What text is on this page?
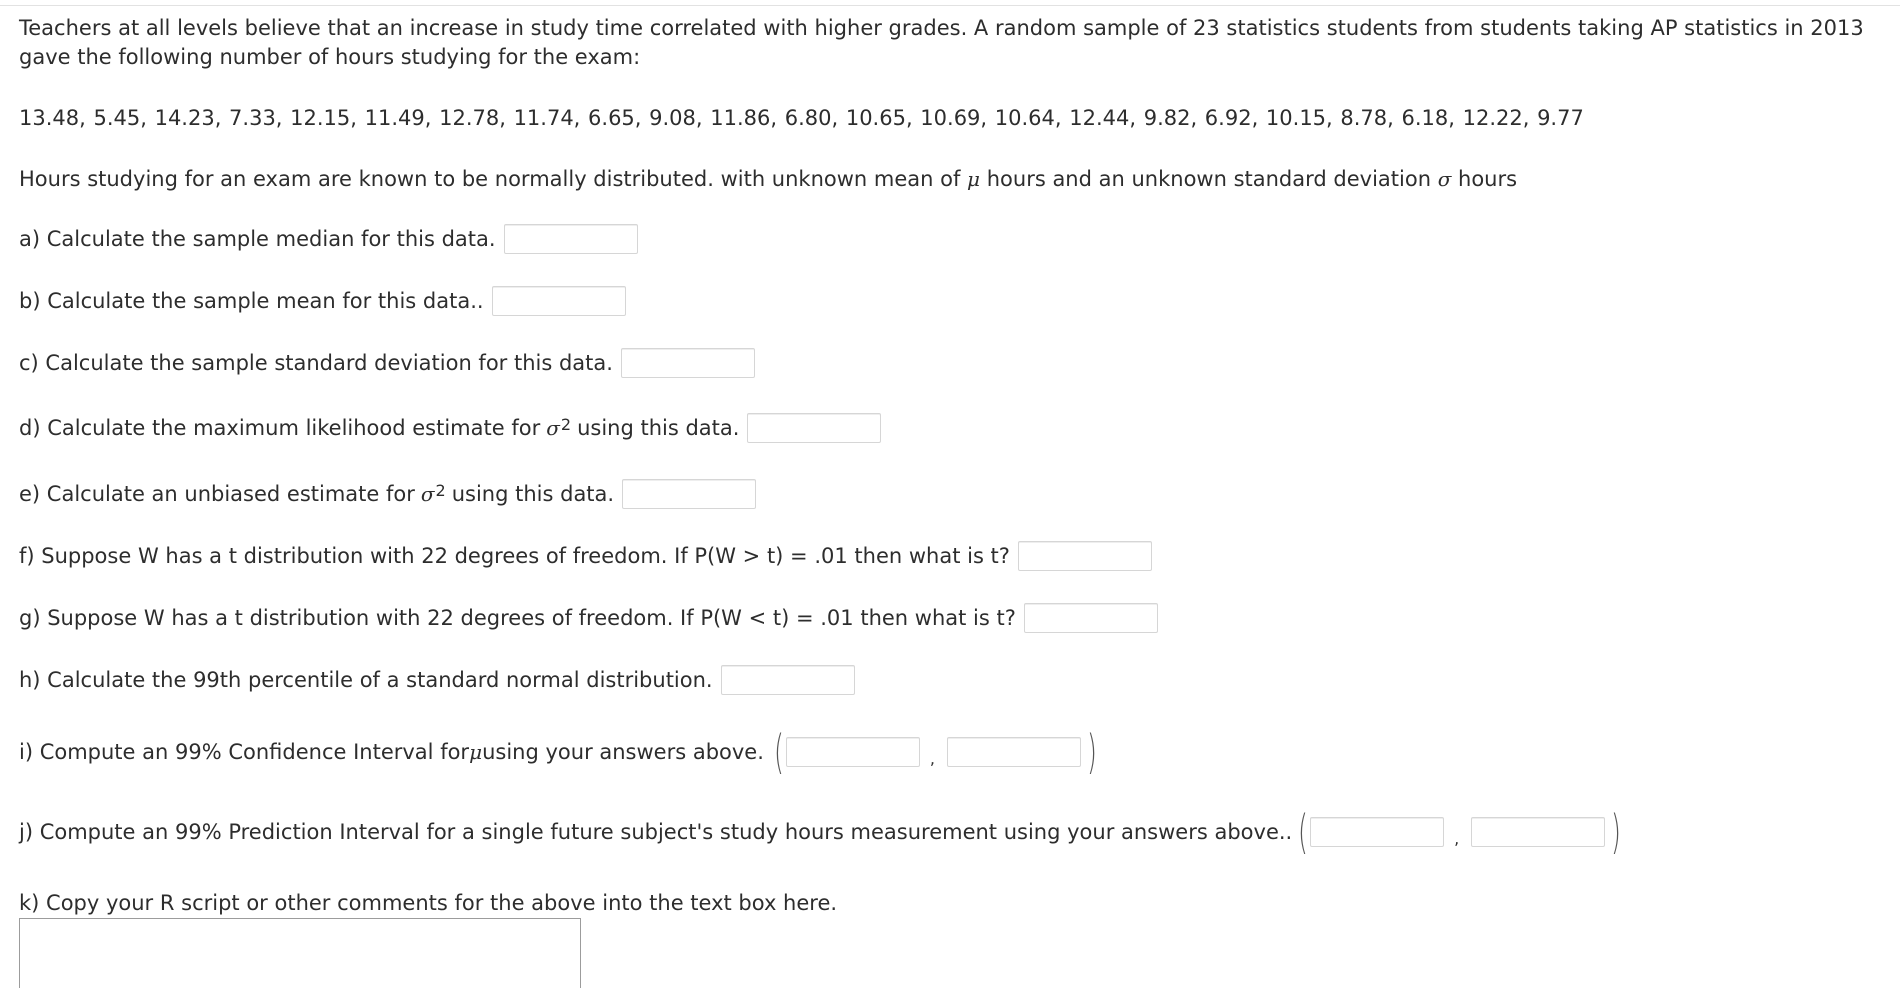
Teachers at all levels believe that an increase in study time correlated with higher grades. A random sample of 23 statistics students from students taking AP statistics in 2013 gave the following number of hours studying for the exam:

13.48, 5.45, 14.23, 7.33, 12.15, 11.49, 12.78, 11.74, 6.65, 9.08, 11.86, 6.80, 10.65, 10.69, 10.64, 12.44, 9.82, 6.92, 10.15, 8.78, 6.18, 12.22, 9.77
Hours studying for an exam are known to be normally distributed. with unknown mean of μ hours and an unknown standard deviation σ hours
a) Calculate the sample median for this data.
b) Calculate the sample mean for this data..
c) Calculate the sample standard deviation for this data.
d) Calculate the maximum likelihood estimate for $\sigma^2$ using this data.
e) Calculate an unbiased estimate for $\sigma^2$ using this data.
f) Suppose W has a t distribution with 22 degrees of freedom. If P(W > t) = .01 then what is t?
g) Suppose W has a t distribution with 22 degrees of freedom. If P(W < t) = .01 then what is t?
h) Calculate the 99th percentile of a standard normal distribution.
i) Compute an 99% Confidence Interval for μ using your answers above. (	,	)
j) Compute an 99% Prediction Interval for a single future subject's study hours measurement using your answers above.. (	,	)
k) Copy your R script or other comments for the above into the text box here.
